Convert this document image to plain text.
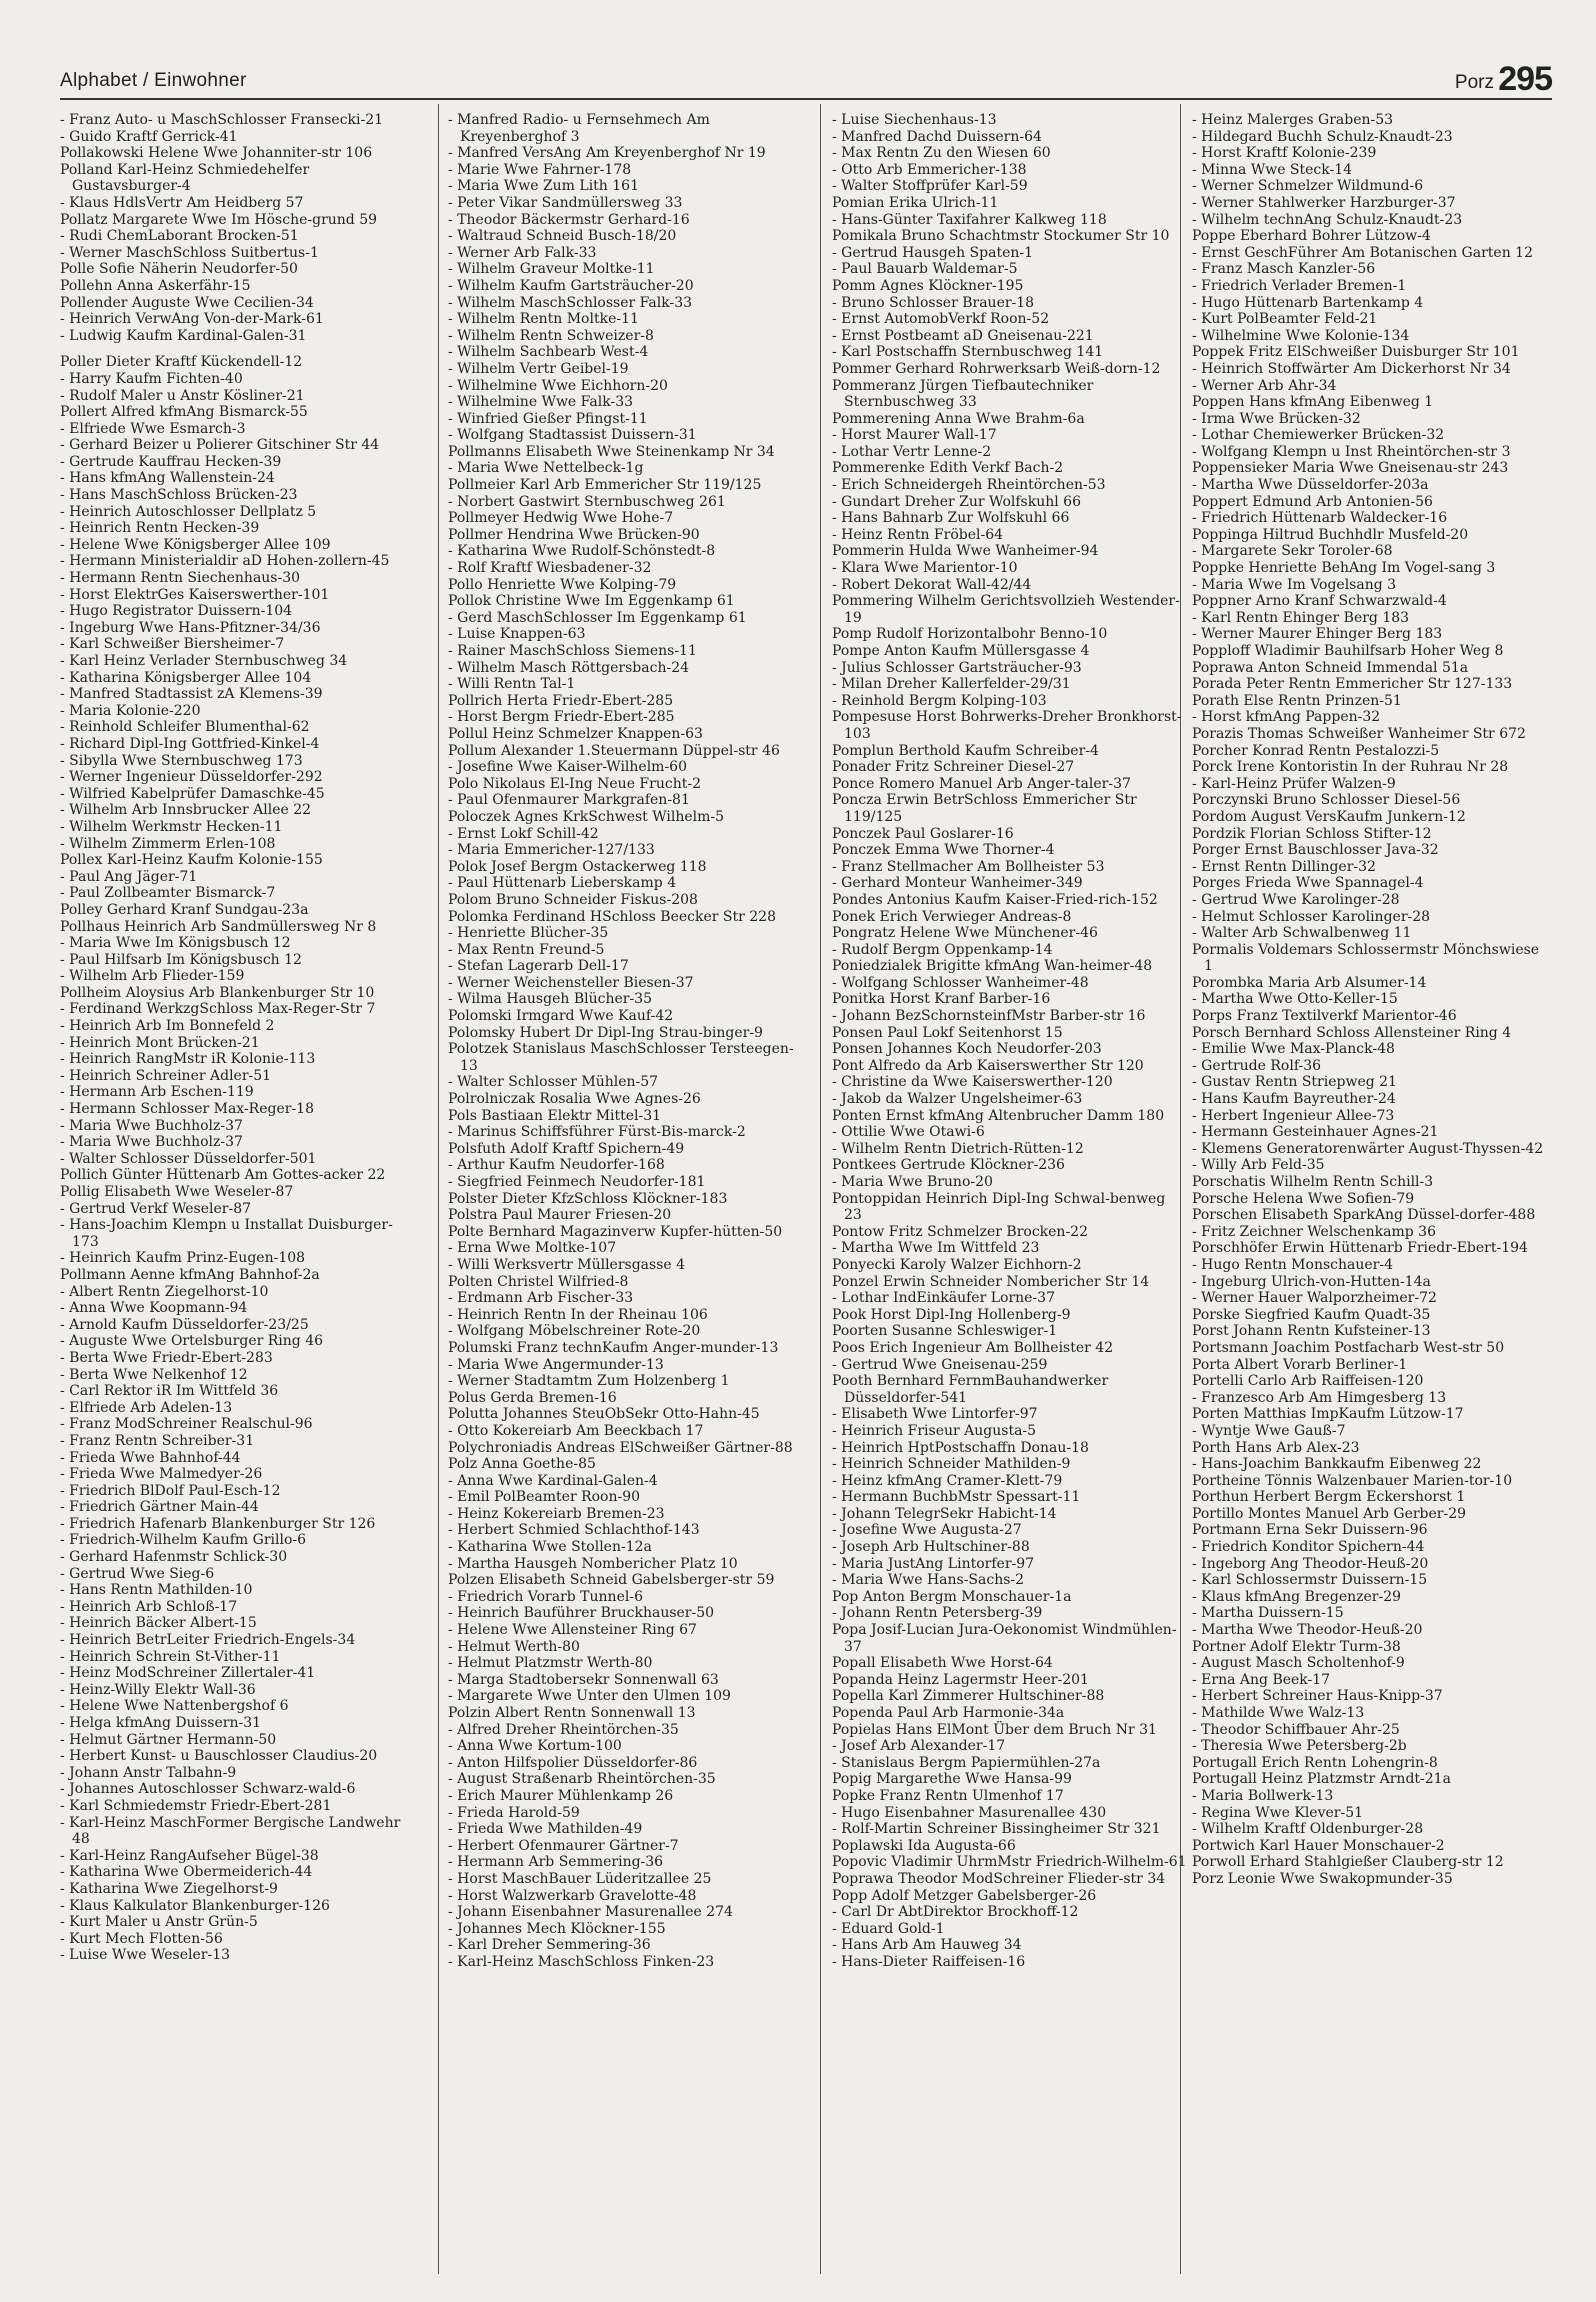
Alphabet / Einwohner	Porz 295
- Franz Auto- u MaschSchlosser Fransecki-21
- Guido Kraftf Gerrick-41
Pollakowski Helene Wwe Johanniter-str 106
Polland Karl-Heinz Schmiedehelfer Gustavsburger-4
- Klaus HdlsVertr Am Heidberg 57
Pollatz Margarete Wwe Im Hösche-grund 59
- Rudi ChemLaborant Brocken-51
- Werner MaschSchloss Suitbertus-1
Polle Sofie Näherin Neudorfer-50
Pollehn Anna Askerfähr-15
Pollender Auguste Wwe Cecilien-34
- Heinrich VerwAng Von-der-Mark-61
- Ludwig Kaufm Kardinal-Galen-31
Poller Dieter Kraftf Kückendell-12
- Harry Kaufm Fichten-40
- Rudolf Maler u Anstr Kösliner-21
Pollert Alfred kfmAng Bismarck-55
- Elfriede Wwe Esmarch-3
- Gerhard Beizer u Polierer Gitschiner Str 44
- Gertrude Kauffrau Hecken-39
- Hans kfmAng Wallenstein-24
- Hans MaschSchloss Brücken-23
- Heinrich Autoschlosser Dellplatz 5
- Heinrich Rentn Hecken-39
- Helene Wwe Königsberger Allee 109
- Hermann Ministerialdir aD Hohen-zollern-45
- Hermann Rentn Siechenhaus-30
- Horst ElektrGes Kaiserswerther-101
- Hugo Registrator Duissern-104
- Ingeburg Wwe Hans-Pfitzner-34/36
- Karl Schweißer Biersheimer-7
- Karl Heinz Verlader Sternbuschweg 34
- Katharina Königsberger Allee 104
- Manfred Stadtassist zA Klemens-39
- Maria Kolonie-220
- Reinhold Schleifer Blumenthal-62
- Richard Dipl-Ing Gottfried-Kinkel-4
- Sibylla Wwe Sternbuschweg 173
- Werner Ingenieur Düsseldorfer-292
- Wilfried Kabelprüfer Damaschke-45
- Wilhelm Arb Innsbrucker Allee 22
- Wilhelm Werkmstr Hecken-11
- Wilhelm Zimmerm Erlen-108
Pollex Karl-Heinz Kaufm Kolonie-155
- Paul Ang Jäger-71
- Paul Zollbeamter Bismarck-7
Polley Gerhard Kranf Sundgau-23a
Pollhaus Heinrich Arb Sandmüllersweg Nr 8
- Maria Wwe Im Königsbusch 12
- Paul Hilfsarb Im Königsbusch 12
- Wilhelm Arb Flieder-159
Pollheim Aloysius Arb Blankenburger Str 10
- Ferdinand WerkzgSchloss Max-Reger-Str 7
- Heinrich Arb Im Bonnefeld 2
- Heinrich Mont Brücken-21
- Heinrich RangMstr iR Kolonie-113
- Heinrich Schreiner Adler-51
- Hermann Arb Eschen-119
- Hermann Schlosser Max-Reger-18
- Maria Wwe Buchholz-37
- Maria Wwe Buchholz-37
- Walter Schlosser Düsseldorfer-501
Pollich Günter Hüttenarb Am Gottes-acker 22
Pollig Elisabeth Wwe Weseler-87
- Gertrud Verkf Weseler-87
- Hans-Joachim Klempn u Installat Duisburger-173
- Heinrich Kaufm Prinz-Eugen-108
Pollmann Aenne kfmAng Bahnhof-2a
- Albert Rentn Ziegelhorst-10
- Anna Wwe Koopmann-94
- Arnold Kaufm Düsseldorfer-23/25
- Auguste Wwe Ortelsburger Ring 46
- Berta Wwe Friedr-Ebert-283
- Berta Wwe Nelkenhof 12
- Carl Rektor iR Im Wittfeld 36
- Elfriede Arb Adelen-13
- Franz ModSchreiner Realschul-96
- Franz Rentn Schreiber-31
- Frieda Wwe Bahnhof-44
- Frieda Wwe Malmedyer-26
- Friedrich BlDolf Paul-Esch-12
- Friedrich Gärtner Main-44
- Friedrich Hafenarb Blankenburger Str 126
- Friedrich-Wilhelm Kaufm Grillo-6
- Gerhard Hafenmstr Schlick-30
- Gertrud Wwe Sieg-6
- Hans Rentn Mathilden-10
- Heinrich Arb Schloß-17
- Heinrich Bäcker Albert-15
- Heinrich BetrLeiter Friedrich-Engels-34
- Heinrich Schrein St-Vither-11
- Heinz ModSchreiner Zillertaler-41
- Heinz-Willy Elektr Wall-36
- Helene Wwe Nattenbergshof 6
- Helga kfmAng Duissern-31
- Helmut Gärtner Hermann-50
- Herbert Kunst- u Bauschlosser Claudius-20
- Johann Anstr Talbahn-9
- Johannes Autoschlosser Schwarz-wald-6
- Karl Schmiedemstr Friedr-Ebert-281
- Karl-Heinz MaschFormer Bergische Landwehr 48
- Karl-Heinz RangAufseher Bügel-38
- Katharina Wwe Obermeiderich-44
- Katharina Wwe Ziegelhorst-9
- Klaus Kalkulator Blankenburger-126
- Kurt Maler u Anstr Grün-5
- Kurt Mech Flotten-56
- Luise Wwe Weseler-13
- Manfred Radio- u Fernsehmech Am Kreyenberghof 3
- Manfred VersAng Am Kreyenberghof Nr 19
- Marie Wwe Fahrner-178
- Maria Wwe Zum Lith 161
- Peter Vikar Sandmüllersweg 33
- Theodor Bäckermstr Gerhard-16
- Waltraud Schneid Busch-18/20
- Werner Arb Falk-33
- Wilhelm Graveur Moltke-11
- Wilhelm Kaufm Gartsträucher-20
- Wilhelm MaschSchlosser Falk-33
- Wilhelm Rentn Moltke-11
- Wilhelm Rentn Schweizer-8
- Wilhelm Sachbearb West-4
- Wilhelm Vertr Geibel-19
- Wilhelmine Wwe Eichhorn-20
- Wilhelmine Wwe Falk-33
- Winfried Gießer Pfingst-11
- Wolfgang Stadtassist Duissern-31
Pollmanns Elisabeth Wwe Steinenkamp Nr 34
- Maria Wwe Nettelbeck-1g
Pollmeier Karl Arb Emmericher Str 119/125
- Norbert Gastwirt Sternbuschweg 261
Pollmeyer Hedwig Wwe Hohe-7
Pollmer Hendrina Wwe Brücken-90
- Katharina Wwe Rudolf-Schönstedt-8
- Rolf Kraftf Wiesbadener-32
Pollo Henriette Wwe Kolping-79
Pollok Christine Wwe Im Eggenkamp 61
- Gerd MaschSchlosser Im Eggenkamp 61
- Luise Knappen-63
- Rainer MaschSchloss Siemens-11
- Wilhelm Masch Röttgersbach-24
- Willi Rentn Tal-1
Pollrich Herta Friedr-Ebert-285
- Horst Bergm Friedr-Ebert-285
Pollul Heinz Schmelzer Knappen-63
Pollum Alexander 1.Steuermann Düppel-str 46
- Josefine Wwe Kaiser-Wilhelm-60
Polo Nikolaus El-Ing Neue Frucht-2
- Paul Ofenmaurer Markgrafen-81
Poloczek Agnes KrkSchwest Wilhelm-5
- Ernst Lokf Schill-42
- Maria Emmericher-127/133
Polok Josef Bergm Ostackerweg 118
- Paul Hüttenarb Lieberskamp 4
Polom Bruno Schneider Fiskus-208
Polomka Ferdinand HSchloss Beecker Str 228
- Henriette Blücher-35
- Max Rentn Freund-5
- Stefan Lagerarb Dell-17
- Werner Weichensteller Biesen-37
- Wilma Hausgeh Blücher-35
Polomski Irmgard Wwe Kauf-42
Polomsky Hubert Dr Dipl-Ing Strau-binger-9
Polotzek Stanislaus MaschSchlosser Tersteegen-13
- Walter Schlosser Mühlen-57
Polrolniczak Rosalia Wwe Agnes-26
Pols Bastiaan Elektr Mittel-31
- Marinus Schiffsführer Fürst-Bis-marck-2
Polsfuth Adolf Kraftf Spichern-49
- Arthur Kaufm Neudorfer-168
- Siegfried Feinmech Neudorfer-181
Polster Dieter KfzSchloss Klöckner-183
Polstra Paul Maurer Friesen-20
Polte Bernhard Magazinverw Kupfer-hütten-50
- Erna Wwe Moltke-107
- Willi Werksvertr Müllersgasse 4
Polten Christel Wilfried-8
- Erdmann Arb Fischer-33
- Heinrich Rentn In der Rheinau 106
- Wolfgang Möbelschreiner Rote-20
Polumski Franz technKaufm Anger-munder-13
- Maria Wwe Angermunder-13
- Werner Stadtamtm Zum Holzenberg 1
Polus Gerda Bremen-16
Polutta Johannes SteuObSekr Otto-Hahn-45
- Otto Kokereiarb Am Beeckbach 17
Polychroniadis Andreas ElSchweißer Gärtner-88
Polz Anna Goethe-85
- Anna Wwe Kardinal-Galen-4
- Emil PolBeamter Roon-90
- Heinz Kokereiarb Bremen-23
- Herbert Schmied Schlachthof-143
- Katharina Wwe Stollen-12a
- Martha Hausgeh Nombericher Platz 10
Polzen Elisabeth Schneid Gabelsberger-str 59
- Friedrich Vorarb Tunnel-6
- Heinrich Bauführer Bruckhauser-50
- Helene Wwe Allensteiner Ring 67
- Helmut Werth-80
- Helmut Platzmstr Werth-80
- Marga Stadtobersekr Sonnenwall 63
- Margarete Wwe Unter den Ulmen 109
Polzin Albert Rentn Sonnenwall 13
- Alfred Dreher Rheintörchen-35
- Anna Wwe Kortum-100
- Anton Hilfspolier Düsseldorfer-86
- August Straßenarb Rheintörchen-35
- Erich Maurer Mühlenkamp 26
- Frieda Harold-59
- Frieda Wwe Mathilden-49
- Herbert Ofenmaurer Gärtner-7
- Hermann Arb Semmering-36
- Horst MaschBauer Lüderitzallee 25
- Horst Walzwerkarb Gravelotte-48
- Johann Eisenbahner Masurenallee 274
- Johannes Mech Klöckner-155
- Karl Dreher Semmering-36
- Karl-Heinz MaschSchloss Finken-23
- Luise Siechenhaus-13
- Manfred Dachd Duissern-64
- Max Rentn Zu den Wiesen 60
- Otto Arb Emmericher-138
- Walter Stoffprüfer Karl-59
Pomian Erika Ulrich-11
- Hans-Günter Taxifahrer Kalkweg 118
Pomikala Bruno Schachtmstr Stockumer Str 10
- Gertrud Hausgeh Spaten-1
- Paul Bauarb Waldemar-5
Pomm Agnes Klöckner-195
- Bruno Schlosser Brauer-18
- Ernst AutomobVerkf Roon-52
- Ernst Postbeamt aD Gneisenau-221
- Karl Postschaffn Sternbuschweg 141
Pommer Gerhard Rohrwerksarb Weiß-dorn-12
Pommeranz Jürgen Tiefbautechniker Sternbuschweg 33
Pommerening Anna Wwe Brahm-6a
- Horst Maurer Wall-17
- Lothar Vertr Lenne-2
Pommerenke Edith Verkf Bach-2
- Erich Schneidergeh Rheintörchen-53
- Gundart Dreher Zur Wolfskuhl 66
- Hans Bahnarb Zur Wolfskuhl 66
- Heinz Rentn Fröbel-64
Pommerin Hulda Wwe Wanheimer-94
- Klara Wwe Marientor-10
- Robert Dekorat Wall-42/44
Pommering Wilhelm Gerichtsvollzieh Westender-19
Pomp Rudolf Horizontalbohr Benno-10
Pompe Anton Kaufm Müllersgasse 4
- Julius Schlosser Gartsträucher-93
- Milan Dreher Kallerfelder-29/31
- Reinhold Bergm Kolping-103
Pompesuse Horst Bohrwerks-Dreher Bronkhorst-103
Pomplun Berthold Kaufm Schreiber-4
Ponader Fritz Schreiner Diesel-27
Ponce Romero Manuel Arb Anger-taler-37
Poncza Erwin BetrSchloss Emmericher Str 119/125
Ponczek Paul Goslarer-16
Ponczek Emma Wwe Thorner-4
- Franz Stellmacher Am Bollheister 53
- Gerhard Monteur Wanheimer-349
Pondes Antonius Kaufm Kaiser-Fried-rich-152
Ponek Erich Verwieger Andreas-8
Pongratz Helene Wwe Münchener-46
- Rudolf Bergm Oppenkamp-14
Poniedzialek Brigitte kfmAng Wan-heimer-48
- Wolfgang Schlosser Wanheimer-48
Ponitka Horst Kranf Barber-16
- Johann BezSchornsteinfMstr Barber-str 16
Ponsen Paul Lokf Seitenhorst 15
Ponsen Johannes Koch Neudorfer-203
Pont Alfredo da Arb Kaiserswerther Str 120
- Christine da Wwe Kaiserswerther-120
- Jakob da Walzer Ungelsheimer-63
Ponten Ernst kfmAng Altenbrucher Damm 180
- Ottilie Wwe Otawi-6
- Wilhelm Rentn Dietrich-Rütten-12
Pontkees Gertrude Klöckner-236
- Maria Wwe Bruno-20
Pontoppidan Heinrich Dipl-Ing Schwal-benweg 23
Pontow Fritz Schmelzer Brocken-22
- Martha Wwe Im Wittfeld 23
Ponyecki Karoly Walzer Eichhorn-2
Ponzel Erwin Schneider Nombericher Str 14
- Lothar IndEinkäufer Lorne-37
Pook Horst Dipl-Ing Hollenberg-9
Poorten Susanne Schleswiger-1
Poos Erich Ingenieur Am Bollheister 42
- Gertrud Wwe Gneisenau-259
Pooth Bernhard FernmBauhandwerker Düsseldorfer-541
- Elisabeth Wwe Lintorfer-97
- Heinrich Friseur Augusta-5
- Heinrich HptPostschaffn Donau-18
- Heinrich Schneider Mathilden-9
- Heinz kfmAng Cramer-Klett-79
- Hermann BuchbMstr Spessart-11
- Johann TelegrSekr Habicht-14
- Josefine Wwe Augusta-27
- Joseph Arb Hultschiner-88
- Maria JustAng Lintorfer-97
- Maria Wwe Hans-Sachs-2
Pop Anton Bergm Monschauer-1a
- Johann Rentn Petersberg-39
Popa Josif-Lucian Jura-Oekonomist Windmühlen-37
Popall Elisabeth Wwe Horst-64
Popanda Heinz Lagermstr Heer-201
Popella Karl Zimmerer Hultschiner-88
Popenda Paul Arb Harmonie-34a
Popielas Hans ElMont Über dem Bruch Nr 31
- Josef Arb Alexander-17
- Stanislaus Bergm Papiermühlen-27a
Popig Margarethe Wwe Hansa-99
Popke Franz Rentn Ulmenhof 17
- Hugo Eisenbahner Masurenallee 430
- Rolf-Martin Schreiner Bissingheimer Str 321
Poplawski Ida Augusta-66
Popovic Vladimir UhrmMstr Friedrich-Wilhelm-61
Poprawa Theodor ModSchreiner Flieder-str 34
Popp Adolf Metzger Gabelsberger-26
- Carl Dr AbtDirektor Brockhoff-12
- Eduard Gold-1
- Hans Arb Am Hauweg 34
- Hans-Dieter Raiffeisen-16
- Heinz Malerges Graben-53
- Hildegard Buchh Schulz-Knaudt-23
- Horst Kraftf Kolonie-239
- Minna Wwe Steck-14
- Werner Schmelzer Wildmund-6
- Werner Stahlwerker Harzburger-37
- Wilhelm technAng Schulz-Knaudt-23
Poppe Eberhard Bohrer Lützow-4
- Ernst GeschFührer Am Botanischen Garten 12
- Franz Masch Kanzler-56
- Friedrich Verlader Bremen-1
- Hugo Hüttenarb Bartenkamp 4
- Kurt PolBeamter Feld-21
- Wilhelmine Wwe Kolonie-134
Poppek Fritz ElSchweißer Duisburger Str 101
- Heinrich Stoffwärter Am Dickerhorst Nr 34
- Werner Arb Ahr-34
Poppen Hans kfmAng Eibenweg 1
- Irma Wwe Brücken-32
- Lothar Chemiewerker Brücken-32
- Wolfgang Klempn u Inst Rheintörchen-str 3
Poppensieker Maria Wwe Gneisenau-str 243
- Martha Wwe Düsseldorfer-203a
Poppert Edmund Arb Antonien-56
- Friedrich Hüttenarb Waldecker-16
Poppinga Hiltrud Buchhdlr Musfeld-20
- Margarete Sekr Toroler-68
Poppke Henriette BehAng Im Vogel-sang 3
- Maria Wwe Im Vogelsang 3
Poppner Arno Kranf Schwarzwald-4
- Karl Rentn Ehinger Berg 183
- Werner Maurer Ehinger Berg 183
Popploff Wladimir Bauhilfsarb Hoher Weg 8
Poprawa Anton Schneid Immendal 51a
Porada Peter Rentn Emmericher Str 127-133
Porath Else Rentn Prinzen-51
- Horst kfmAng Pappen-32
Porazis Thomas Schweißer Wanheimer Str 672
Porcher Konrad Rentn Pestalozzi-5
Porck Irene Kontoristin In der Ruhrau Nr 28
- Karl-Heinz Prüfer Walzen-9
Porczynski Bruno Schlosser Diesel-56
Pordom August VersKaufm Junkern-12
Pordzik Florian Schloss Stifter-12
Porger Ernst Bauschlosser Java-32
- Ernst Rentn Dillinger-32
Porges Frieda Wwe Spannagel-4
- Gertrud Wwe Karolinger-28
- Helmut Schlosser Karolinger-28
- Walter Arb Schwalbenweg 11
Pormalis Voldemars Schlossermstr Mönchswiese 1
Porombka Maria Arb Alsumer-14
- Martha Wwe Otto-Keller-15
Porps Franz Textilverkf Marientor-46
Porsch Bernhard Schloss Allensteiner Ring 4
- Emilie Wwe Max-Planck-48
- Gertrude Rolf-36
- Gustav Rentn Striepweg 21
- Hans Kaufm Bayreuther-24
- Herbert Ingenieur Allee-73
- Hermann Gesteinhauer Agnes-21
- Klemens Generatorenwärter August-Thyssen-42
- Willy Arb Feld-35
Porschatis Wilhelm Rentn Schill-3
Porsche Helena Wwe Sofien-79
Porschen Elisabeth SparkAng Düssel-dorfer-488
- Fritz Zeichner Welschenkamp 36
Porschhöfer Erwin Hüttenarb Friedr-Ebert-194
- Hugo Rentn Monschauer-4
- Ingeburg Ulrich-von-Hutten-14a
- Werner Hauer Walporzheimer-72
Porske Siegfried Kaufm Quadt-35
Porst Johann Rentn Kufsteiner-13
Portsmann Joachim Postfacharb West-str 50
Porta Albert Vorarb Berliner-1
Portelli Carlo Arb Raiffeisen-120
- Franzesco Arb Am Himgesberg 13
Porten Matthias ImpKaufm Lützow-17
- Wyntje Wwe Gauß-7
Porth Hans Arb Alex-23
- Hans-Joachim Bankkaufm Eibenweg 22
Portheine Tönnis Walzenbauer Marien-tor-10
Porthun Herbert Bergm Eckershorst 1
Portillo Montes Manuel Arb Gerber-29
Portmann Erna Sekr Duissern-96
- Friedrich Konditor Spichern-44
- Ingeborg Ang Theodor-Heuß-20
- Karl Schlossermstr Duissern-15
- Klaus kfmAng Bregenzer-29
- Martha Duissern-15
- Martha Wwe Theodor-Heuß-20
Portner Adolf Elektr Turm-38
- August Masch Scholtenhof-9
- Erna Ang Beek-17
- Herbert Schreiner Haus-Knipp-37
- Mathilde Wwe Walz-13
- Theodor Schiffbauer Ahr-25
- Theresia Wwe Petersberg-2b
Portugall Erich Rentn Lohengrin-8
Portugall Heinz Platzmstr Arndt-21a
- Maria Bollwerk-13
- Regina Wwe Klever-51
- Wilhelm Kraftf Oldenburger-28
Portwich Karl Hauer Monschauer-2
Porwoll Erhard Stahlgießer Clauberg-str 12
Porz Leonie Wwe Swakopmunder-35
